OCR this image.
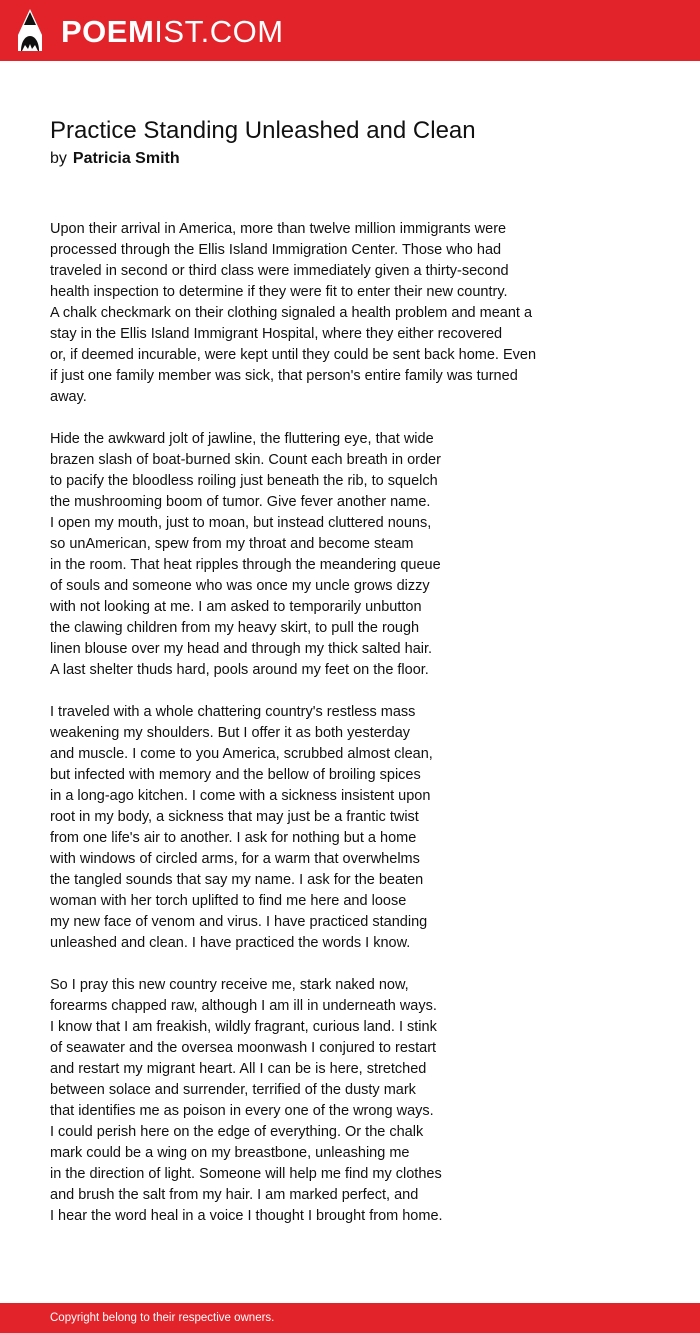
POEMIST.COM
Practice Standing Unleashed and Clean
by Patricia Smith
Upon their arrival in America, more than twelve million immigrants were
processed through the Ellis Island Immigration Center. Those who had
traveled in second or third class were immediately given a thirty-second
health inspection to determine if they were fit to enter their new country.
A chalk checkmark on their clothing signaled a health problem and meant a
stay in the Ellis Island Immigrant Hospital, where they either recovered
or, if deemed incurable, were kept until they could be sent back home. Even
if just one family member was sick, that person's entire family was turned
away.
Hide the awkward jolt of jawline, the fluttering eye, that wide
brazen slash of boat-burned skin. Count each breath in order
to pacify the bloodless roiling just beneath the rib, to squelch
the mushrooming boom of tumor. Give fever another name.
I open my mouth, just to moan, but instead cluttered nouns,
so unAmerican, spew from my throat and become steam
in the room. That heat ripples through the meandering queue
of souls and someone who was once my uncle grows dizzy
with not looking at me. I am asked to temporarily unbutton
the clawing children from my heavy skirt, to pull the rough
linen blouse over my head and through my thick salted hair.
A last shelter thuds hard, pools around my feet on the floor.
I traveled with a whole chattering country's restless mass
weakening my shoulders. But I offer it as both yesterday
and muscle. I come to you America, scrubbed almost clean,
but infected with memory and the bellow of broiling spices
in a long-ago kitchen. I come with a sickness insistent upon
root in my body, a sickness that may just be a frantic twist
from one life's air to another. I ask for nothing but a home
with windows of circled arms, for a warm that overwhelms
the tangled sounds that say my name. I ask for the beaten
woman with her torch uplifted to find me here and loose
my new face of venom and virus. I have practiced standing
unleashed and clean. I have practiced the words I know.
So I pray this new country receive me, stark naked now,
forearms chapped raw, although I am ill in underneath ways.
I know that I am freakish, wildly fragrant, curious land. I stink
of seawater and the oversea moonwash I conjured to restart
and restart my migrant heart. All I can be is here, stretched
between solace and surrender, terrified of the dusty mark
that identifies me as poison in every one of the wrong ways.
I could perish here on the edge of everything. Or the chalk
mark could be a wing on my breastbone, unleashing me
in the direction of light. Someone will help me find my clothes
and brush the salt from my hair. I am marked perfect, and
I hear the word heal in a voice I thought I brought from home.
Copyright belong to their respective owners.
